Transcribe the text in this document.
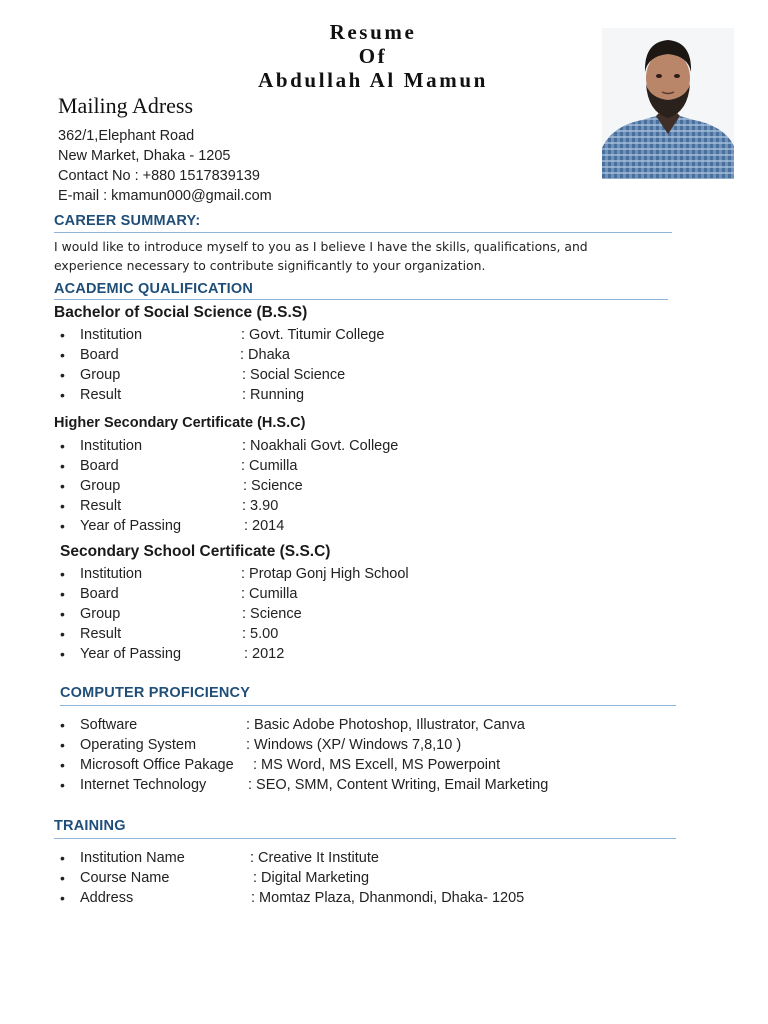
Resume
Of
Abdullah Al Mamun
Mailing Adress
362/1,Elephant Road
New Market, Dhaka - 1205
Contact No : +880 1517839139
E-mail : kmamun000@gmail.com
CAREER SUMMARY:
I would like to introduce myself to you as I believe I have the skills, qualifications, and
experience necessary to contribute significantly to your organization.
ACADEMIC QUALIFICATION
Bachelor of Social Science (B.S.S)
• Institution	: Govt. Titumir College
• Board	: Dhaka
• Group	: Social Science
• Result	: Running
Higher Secondary Certificate (H.S.C)
• Institution	: Noakhali Govt. College
• Board	: Cumilla
• Group	: Science
• Result	: 3.90
• Year of Passing	: 2014
Secondary School Certificate (S.S.C)
• Institution	: Protap Gonj High School
• Board	: Cumilla
• Group	: Science
• Result	: 5.00
• Year of Passing	: 2012
COMPUTER PROFICIENCY
• Software	: Basic Adobe Photoshop, Illustrator, Canva
• Operating System	: Windows (XP/ Windows 7,8,10 )
• Microsoft Office Pakage : MS Word, MS Excell, MS Powerpoint
• Internet Technology	: SEO, SMM, Content Writing, Email Marketing
TRAINING
• Institution Name	: Creative It Institute
• Course Name	: Digital Marketing
• Address	: Momtaz Plaza, Dhanmondi, Dhaka- 1205
